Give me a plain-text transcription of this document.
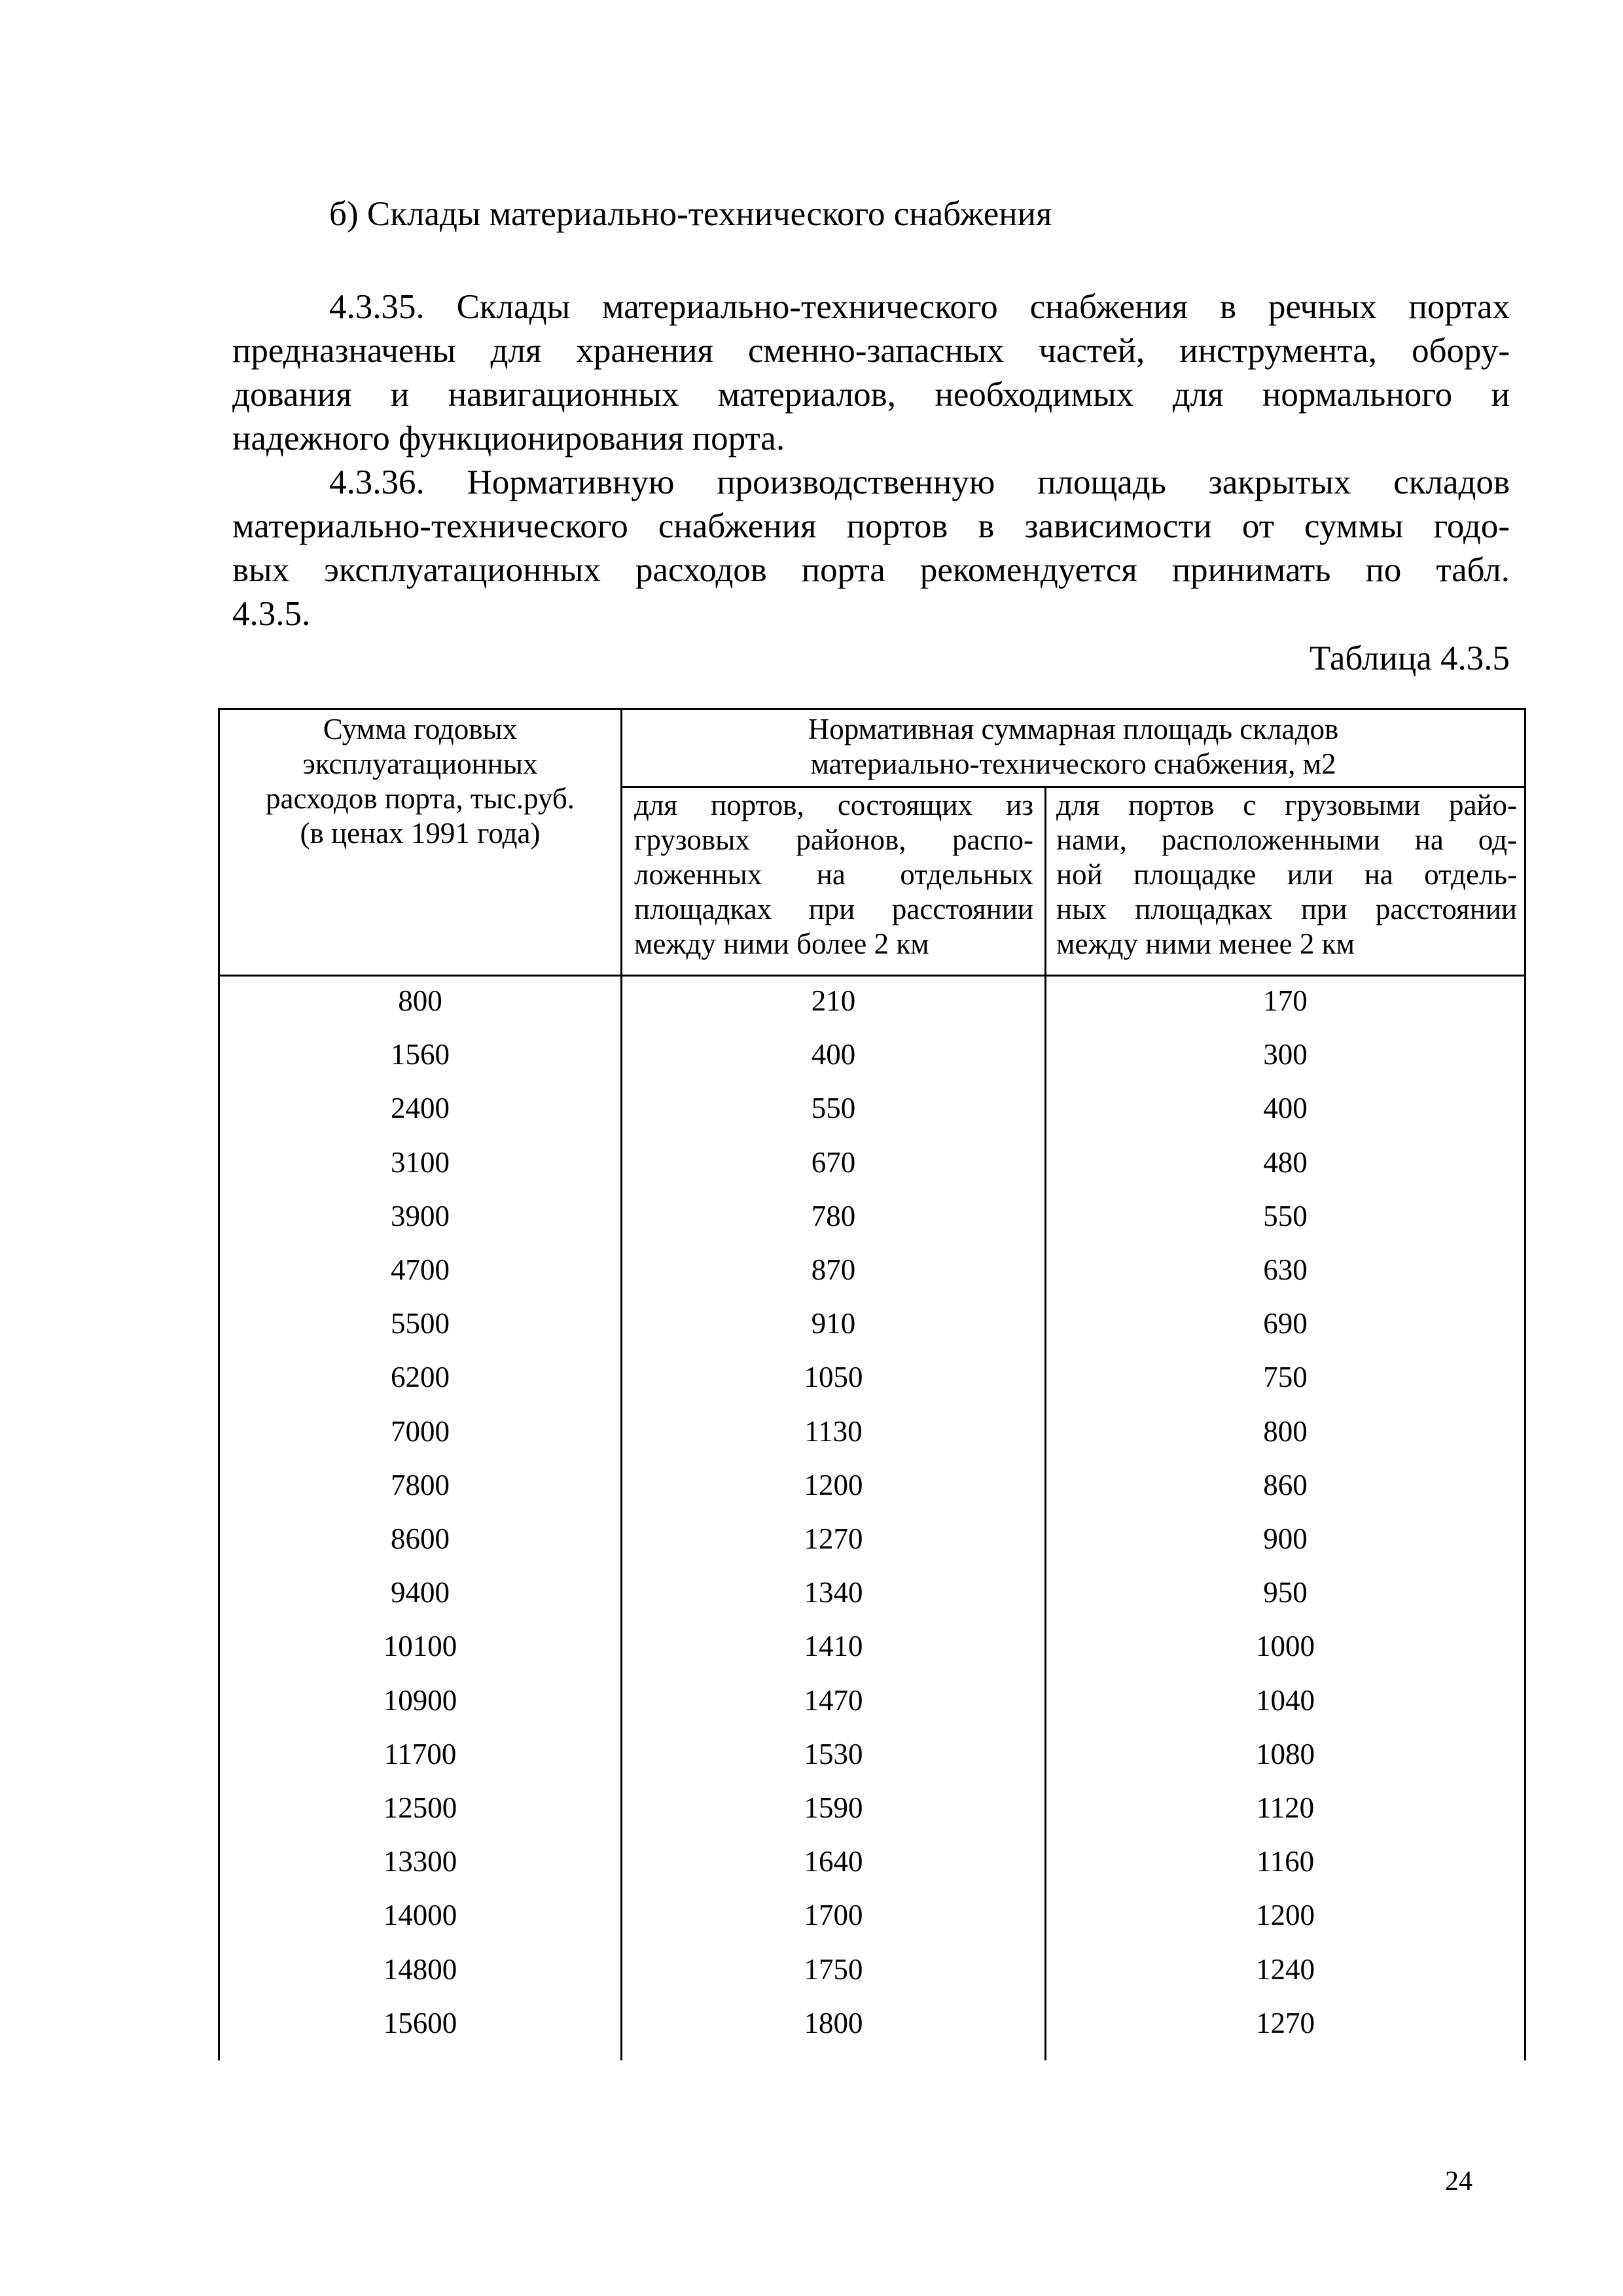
б) Склады материально-технического снабжения
4.3.35. Склады материально-технического снабжения в речных портах
предназначены для хранения сменно-запасных частей, инструмента, обору-
дования и навигационных материалов, необходимых для нормального и
надежного функционирования порта.
4.3.36. Нормативную производственную площадь закрытых складов
материально-технического снабжения портов в зависимости от суммы годо-
вых эксплуатационных расходов порта рекомендуется принимать по табл.
4.3.5.
Таблица 4.3.5
Сумма годовых
эксплуатационных
расходов порта, тыс.руб.
(в ценах 1991 года)
Нормативная суммарная площадь складов
материально-технического снабжения, м2
для портов, состоящих из
грузовых районов, распо-
ложенных на отдельных
площадках при расстоянии
между ними более 2 км
для портов с грузовыми райо-
нами, расположенными на од-
ной площадке или на отдель-
ных площадках при расстоянии
между ними менее 2 км
800	210	170
1560	400	300
2400	550	400
3100	670	480
3900	780	550
4700	870	630
5500	910	690
6200	1050	750
7000	1130	800
7800	1200	860
8600	1270	900
9400	1340	950
10100	1410	1000
10900	1470	1040
11700	1530	1080
12500	1590	1120
13300	1640	1160
14000	1700	1200
14800	1750	1240
15600	1800	1270
24
